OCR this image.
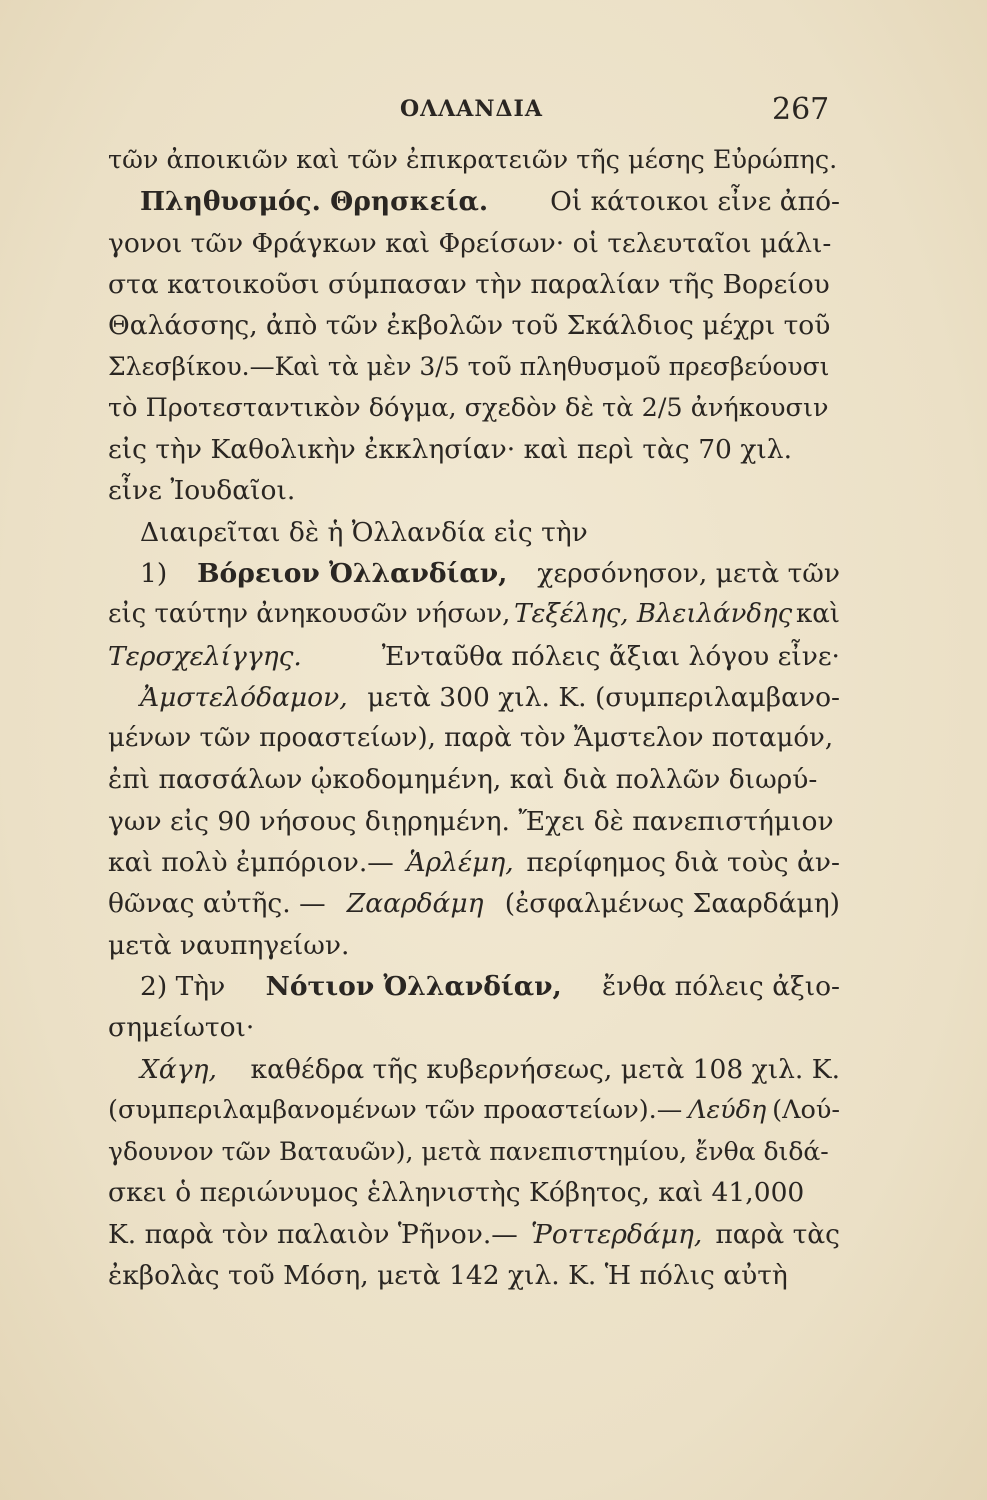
ΟΛΛΑΝΔΙΑ	267
τῶν ἀποικιῶν καὶ τῶν ἐπικρατειῶν τῆς μέσης Εὐρώπης.
Πληθυσμός. Θρησκεία. Οἱ κάτοικοι εἶνε ἀπό-
γονοι τῶν Φράγκων καὶ Φρείσων· οἱ τελευταῖοι μάλι-
στα κατοικοῦσι σύμπασαν τὴν παραλίαν τῆς Βορείου
Θαλάσσης, ἀπὸ τῶν ἐκβολῶν τοῦ Σκάλδιος μέχρι τοῦ
Σλεσβίκου.—Καὶ τὰ μὲν 3/5 τοῦ πληθυσμοῦ πρεσβεύουσι
τὸ Προτεσταντικὸν δόγμα, σχεδὸν δὲ τὰ 2/5 ἀνήκουσιν
εἰς τὴν Καθολικὴν ἐκκλησίαν· καὶ περὶ τὰς 70 χιλ.
εἶνε Ἰουδαῖοι.
Διαιρεῖται δὲ ἡ Ὀλλανδία εἰς τὴν
1) Βόρειον Ὀλλανδίαν, χερσόνησον, μετὰ τῶν
εἰς ταύτην ἀνηκουσῶν νήσων, Τεξέλης, Βλειλάνδης καὶ
Τερσχελίγγης.	Ἐνταῦθα πόλεις ἄξιαι λόγου εἶνε·
Ἀμστελόδαμον, μετὰ 300 χιλ. Κ. (συμπεριλαμβανο-
μένων τῶν προαστείων), παρὰ τὸν Ἄμστελον ποταμόν,
ἐπὶ πασσάλων ᾠκοδομημένη, καὶ διὰ πολλῶν διωρύ-
γων εἰς 90 νήσους διῃρημένη. Ἔχει δὲ πανεπιστήμιον
καὶ πολὺ ἐμπόριον.— Ἁρλέμη, περίφημος διὰ τοὺς ἀν-
θῶνας αὐτῆς. — Ζααρδάμη (ἐσφαλμένως Σααρδάμη)
μετὰ ναυπηγείων.
2) Τὴν Νότιον Ὀλλανδίαν, ἔνθα πόλεις ἀξιο-
σημείωτοι·
Χάγη, καθέδρα τῆς κυβερνήσεως, μετὰ 108 χιλ. Κ.
(συμπεριλαμβανομένων τῶν προαστείων).— Λεύδη (Λού-
γδουνον τῶν Βαταυῶν), μετὰ πανεπιστημίου, ἔνθα διδά-
σκει ὁ περιώνυμος ἑλληνιστὴς Κόβητος, καὶ 41,000
Κ. παρὰ τὸν παλαιὸν Ῥῆνον.— Ῥοττερδάμη, παρὰ τὰς
ἐκβολὰς τοῦ Μόση, μετὰ 142 χιλ. Κ. Ἡ πόλις αὐτὴ
